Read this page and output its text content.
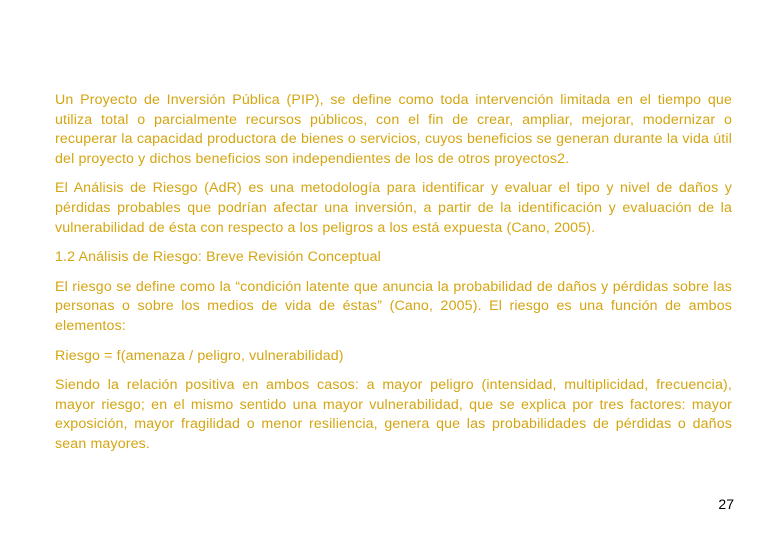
Un Proyecto de Inversión Pública (PIP), se define como toda intervención limitada en el tiempo que utiliza total o parcialmente recursos públicos, con el fin de crear, ampliar, mejorar, modernizar o recuperar la capacidad productora de bienes o servicios, cuyos beneficios se generan durante la vida útil del proyecto y dichos beneficios son independientes de los de otros proyectos2.

El Análisis de Riesgo (AdR) es una metodología para identificar y evaluar el tipo y nivel de daños y pérdidas probables que podrían afectar una inversión, a partir de la identificación y evaluación de la vulnerabilidad de ésta con respecto a los peligros a los está expuesta (Cano, 2005).

1.2 Análisis de Riesgo: Breve Revisión Conceptual

El riesgo se define como la “condición latente que anuncia la probabilidad de daños y pérdidas sobre las personas o sobre los medios de vida de éstas” (Cano, 2005). El riesgo es una función de ambos elementos:

Riesgo = f(amenaza / peligro, vulnerabilidad)

Siendo la relación positiva en ambos casos: a mayor peligro (intensidad, multiplicidad, frecuencia), mayor riesgo; en el mismo sentido una mayor vulnerabilidad, que se explica por tres factores: mayor exposición, mayor fragilidad o menor resiliencia, genera que las probabilidades de pérdidas o daños sean mayores.

27
